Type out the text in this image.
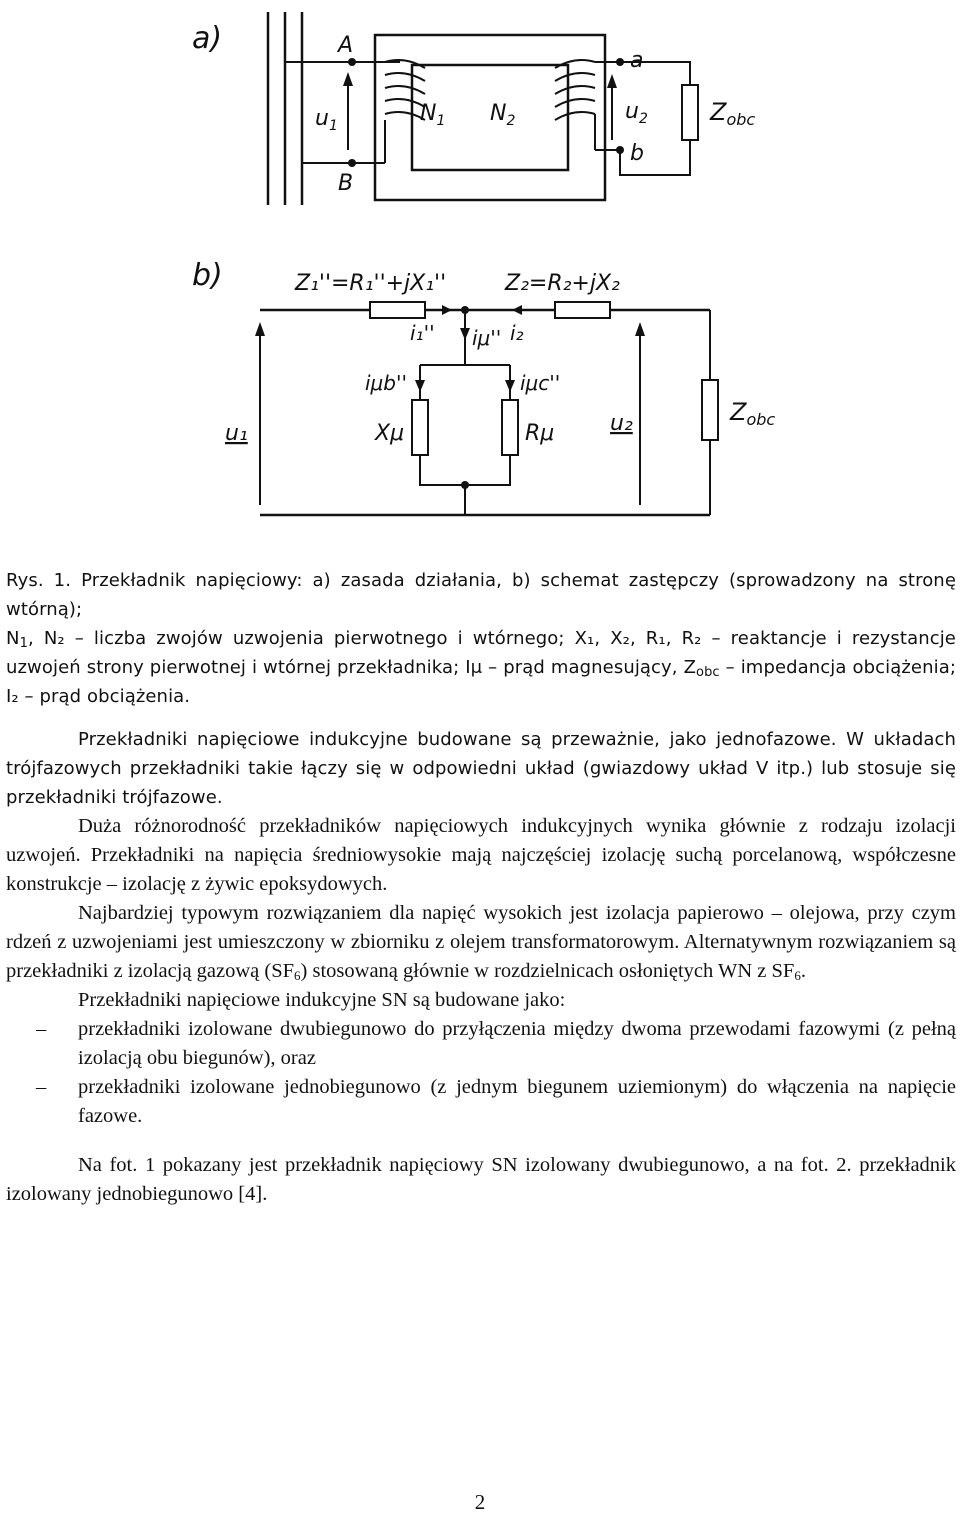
a)	A
B
$u_1$	$N_1$ $N_2$
a
b
$u_2$	$Z_{obc}$
b)	Z₁''=R₁''+jX₁''	Z₂=R₂+jX₂
i₁'' iμ'' i₂
iμb''	iμc''
Xμ	Rμ
u₁	u₂	$Z_{obc}$

Rys. 1. Przekładnik napięciowy: a) zasada działania, b) schemat zastępczy (sprowadzony na stronę wtórną);
$N_1$, N₂ – liczba zwojów uzwojenia pierwotnego i wtórnego; X₁, X₂, R₁, R₂ – reaktancje i rezystancje uzwojeń strony pierwotnej i wtórnej przekładnika; Iμ – prąd magnesujący, $Z_{obc}$ – impedancja obciążenia; I₂ – prąd obciążenia.

Przekładniki napięciowe indukcyjne budowane są przeważnie, jako jednofazowe. W układach trójfazowych przekładniki takie łączy się w odpowiedni układ (gwiazdowy układ V itp.) lub stosuje się przekładniki trójfazowe.

Duża różnorodność przekładników napięciowych indukcyjnych wynika głównie z rodzaju izolacji uzwojeń. Przekładniki na napięcia średniowysokie mają najczęściej izolację suchą porcelanową, współczesne konstrukcje – izolację z żywic epoksydowych.

Najbardziej typowym rozwiązaniem dla napięć wysokich jest izolacja papierowo – olejowa, przy czym rdzeń z uzwojeniami jest umieszczony w zbiorniku z olejem transformatorowym. Alternatywnym rozwiązaniem są przekładniki z izolacją gazową $(SF_6)$ stosowaną głównie w rozdzielnicach osłoniętych WN z $SF_6$.

Przekładniki napięciowe indukcyjne SN są budowane jako:

– przekładniki izolowane dwubiegunowo do przyłączenia między dwoma przewodami fazowymi (z pełną izolacją obu biegunów), oraz

– przekładniki izolowane jednobiegunowo (z jednym biegunem uziemionym) do włączenia na napięcie fazowe.

Na fot. 1 pokazany jest przekładnik napięciowy SN izolowany dwubiegunowo, a na fot. 2. przekładnik izolowany jednobiegunowo [4].

2
